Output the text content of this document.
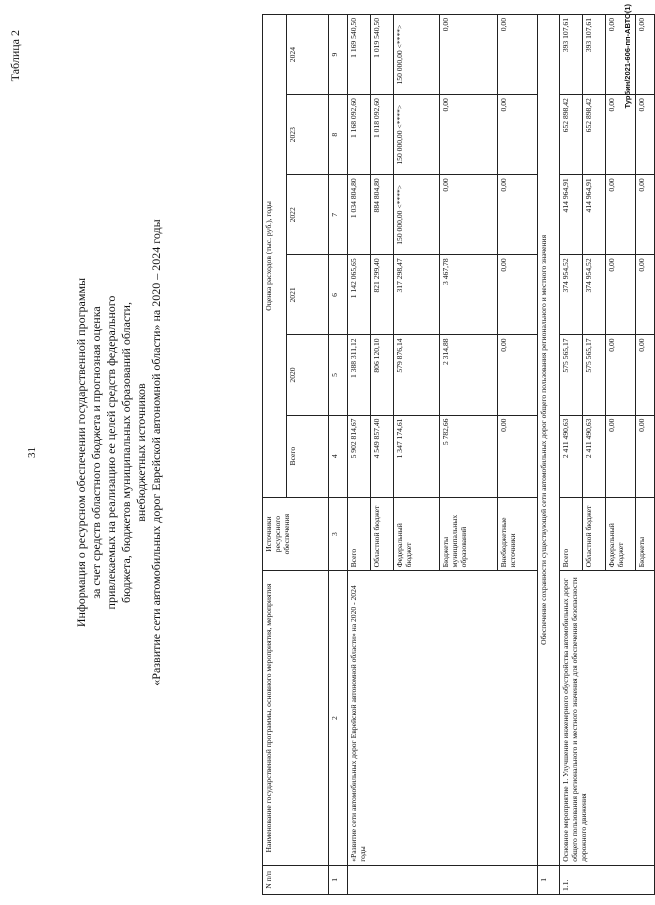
31
Таблица 2
Информация о ресурсном обеспечении государственной программы за счет средств областного бюджета и прогнозная оценка привлекаемых на реализацию ее целей средств федерального бюджета, бюджетов муниципальных образований области, внебюджетных источников «Развитие сети автомобильных дорог Еврейской автономной области» на 2020 – 2024 годы
N п/п	Наименование государственной программы, основного мероприятия, мероприятия	Источники ресурсного обеспечения	Оценка расходов (тыс. руб.), годы					
			Всего	2020	2021	2022	2023	2024
1	2	3	4	5	6	7	8	9
	«Развитие сети автомобильных дорог Еврейской автономной области» на 2020 - 2024 годы	Всего	5 902 814,67	1 388 311,12	1 142 065,65	1 034 804,80	1 168 092,60	1 169 540,50
		Областной бюджет	4 549 857,40	806 120,10	821 299,40	884 804,80	1 018 092,60	1 019 540,50
		Федеральный бюджет	1 347 174,61	579 876,14	317 298,47	150 000,00 <****>	150 000,00 <****>	150 000,00 <****>
		Бюджеты муниципальных образований	5 782,66	2 314,88	3 467,78	0,00	0,00	0,00
		Внебюджетные источники	0,00	0,00	0,00	0,00	0,00	0,00
1	Обеспечение сохранности существующей сети автомобильных дорог общего пользования регионального и местного значения							
1.1.	Основное мероприятие 1. Улучшение инженерного обустройства автомобильных дорог общего пользования регионального и местного значения для обеспечения безопасности дорожного движения	Всего	2 411 490,63	575 565,17	374 954,52	414 964,91	652 898,42	393 107,61
		Областной бюджет	2 411 490,63	575 565,17	374 954,52	414 964,91	652 898,42	393 107,61
		Федеральный бюджет	0,00	0,00	0,00	0,00	0,00	0,00
		Бюджеты	0,00	0,00	0,00	0,00	0,00	0,00
Турбин/2021-606-пп-АВТО(1)
